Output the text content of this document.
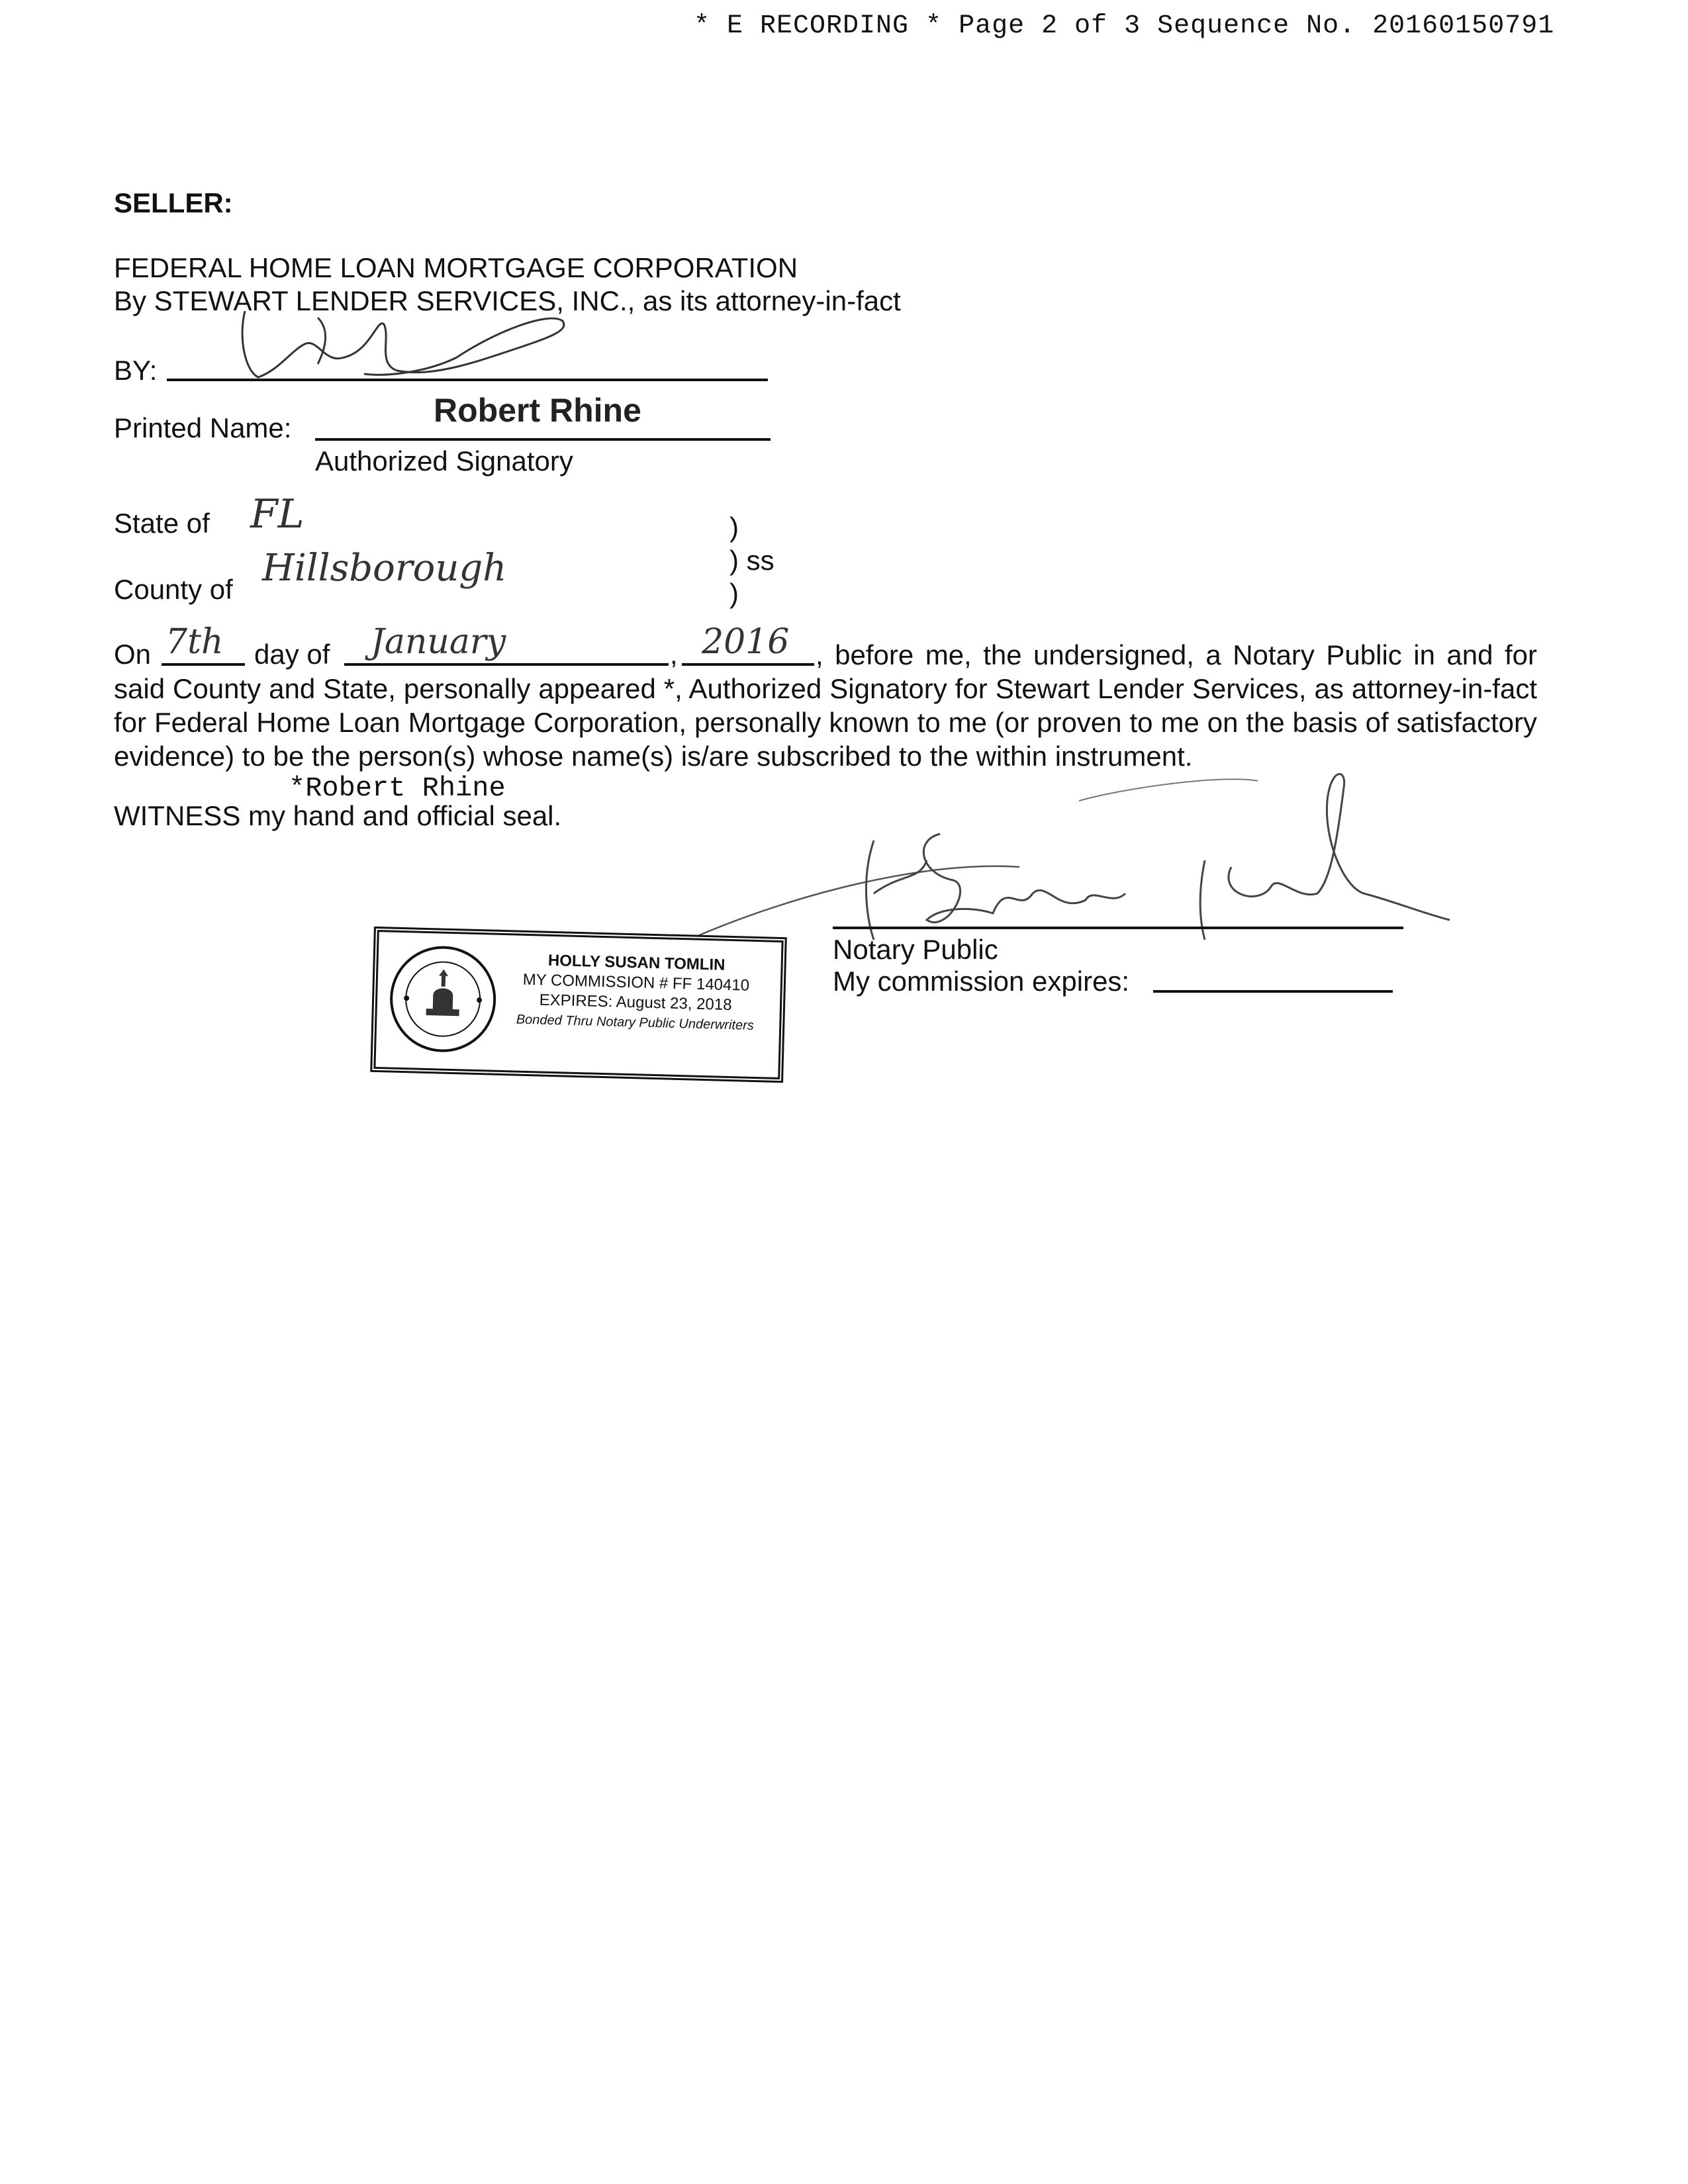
* E RECORDING * Page 2 of 3 Sequence No. 20160150791
SELLER:
FEDERAL HOME LOAN MORTGAGE CORPORATION
By STEWART LENDER SERVICES, INC., as its attorney-in-fact
BY:
Printed Name:	Robert Rhine
Authorized Signatory
State of FL
County of Hillsborough
)
) ss
)
On 7th day of January	, 2016 , before me, the undersigned, a Notary Public in and for said County and State, personally appeared *, Authorized Signatory for Stewart Lender Services, as attorney-in-fact for Federal Home Loan Mortgage Corporation, personally known to me (or proven to me on the basis of satisfactory evidence) to be the person(s) whose name(s) is/are subscribed to the within instrument.
*Robert Rhine
WITNESS my hand and official seal.
Notary Public
My commission expires:
HOLLY SUSAN TOMLIN
MY COMMISSION # FF 140410
EXPIRES: August 23, 2018
Bonded Thru Notary Public Underwriters
